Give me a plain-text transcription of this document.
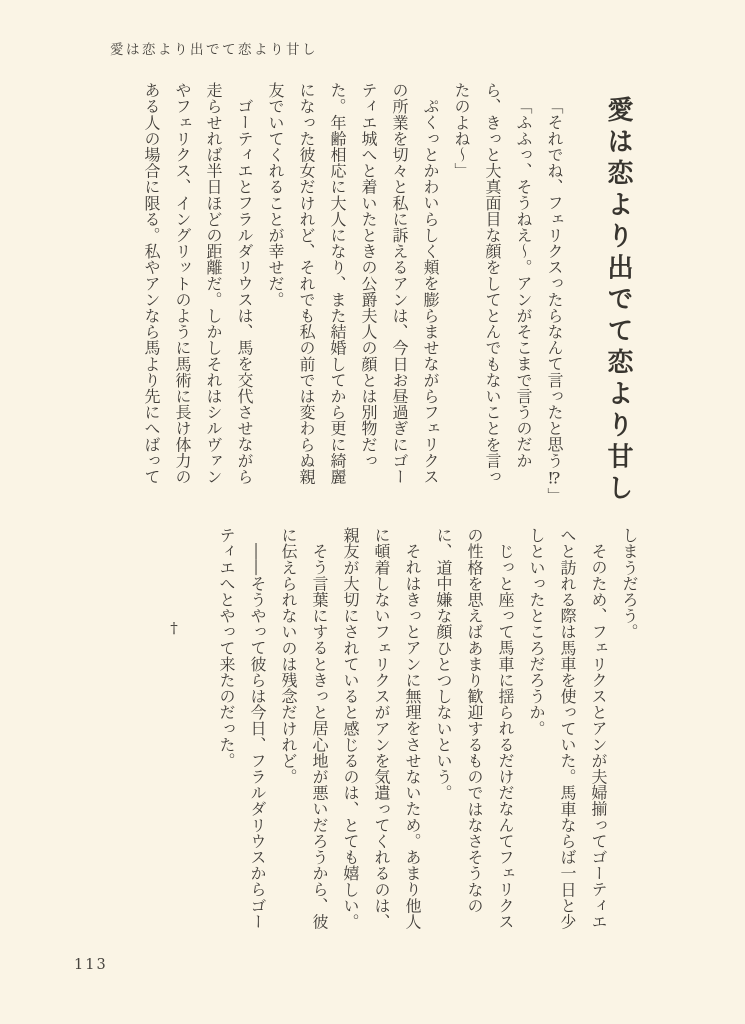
愛は恋より出でて恋より甘し
愛は恋より出でて恋より甘し

「それでね、フェリクスったらなんて言ったと思う⁉」

「ふふっ、そうねえ〜。アンがそこまで言うのだから、きっと大真面目な顔をしてとんでもないことを言ったのよね〜」

ぷくっとかわいらしく頬を膨らませながらフェリクスの所業を切々と私に訴えるアンは、今日お昼過ぎにゴーティエ城へと着いたときの公爵夫人の顔とは別物だった。年齢相応に大人になり、また結婚してから更に綺麗になった彼女だけれど、それでも私の前では変わらぬ親友でいてくれることが幸せだ。

ゴーティエとフラルダリウスは、馬を交代させながら走らせれば半日ほどの距離だ。しかしそれはシルヴァンやフェリクス、イングリットのように馬術に長け体力のある人の場合に限る。私やアンなら馬より先にへばって

しまうだろう。

そのため、フェリクスとアンが夫婦揃ってゴーティエへと訪れる際は馬車を使っていた。馬車ならば一日と少しといったところだろうか。

じっと座って馬車に揺られるだけだなんてフェリクスの性格を思えばあまり歓迎するものではなさそうなのに、道中嫌な顔ひとつしないという。

それはきっとアンに無理をさせないため。あまり他人に頓着しないフェリクスがアンを気遣ってくれるのは、親友が大切にされていると感じるのは、とても嬉しい。

そう言葉にするときっと居心地が悪いだろうから、彼に伝えられないのは残念だけれど。

――そうやって彼らは今日、フラルダリウスからゴーティエへとやって来たのだった。

†

113
